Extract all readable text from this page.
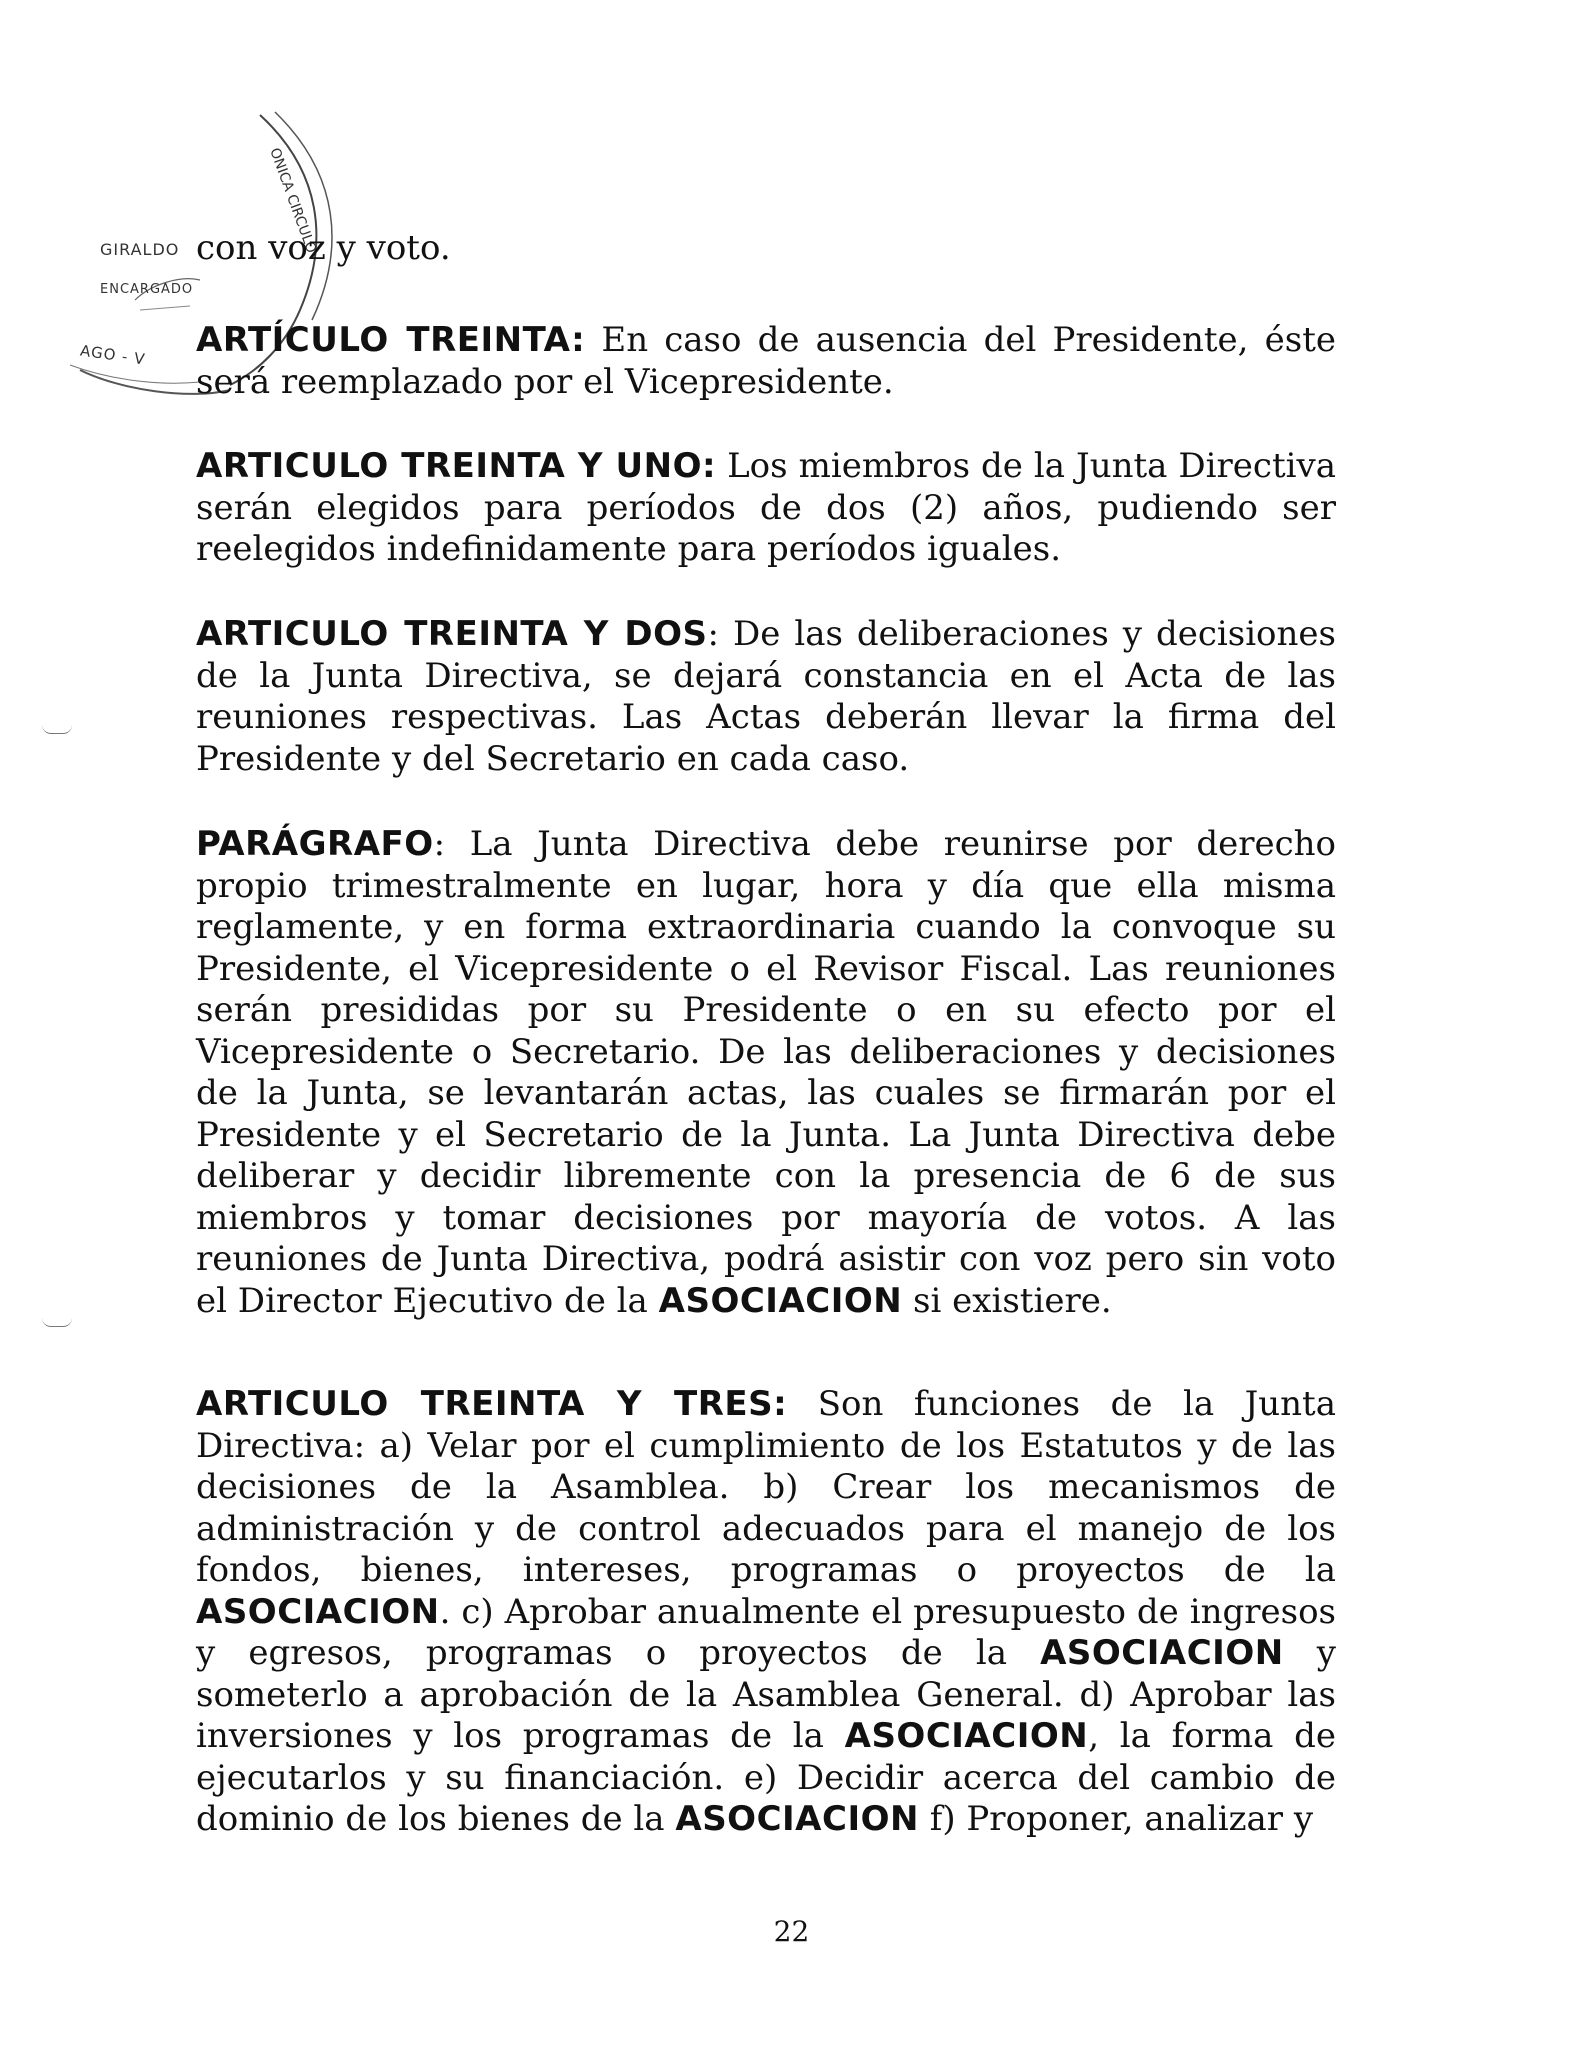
ONICA CIRCULO
GIRALDO
ENCARGADO
AGO - V

con voz y voto.

ARTÍCULO TREINTA: En caso de ausencia del Presidente, éste será reemplazado por el Vicepresidente.

ARTICULO TREINTA Y UNO: Los miembros de la Junta Directiva serán elegidos para períodos de dos (2) años, pudiendo ser reelegidos indefinidamente para períodos iguales.

ARTICULO TREINTA Y DOS: De las deliberaciones y decisiones de la Junta Directiva, se dejará constancia en el Acta de las reuniones respectivas. Las Actas deberán llevar la firma del Presidente y del Secretario en cada caso.

PARÁGRAFO: La Junta Directiva debe reunirse por derecho propio trimestralmente en lugar, hora y día que ella misma reglamente, y en forma extraordinaria cuando la convoque su Presidente, el Vicepresidente o el Revisor Fiscal. Las reuniones serán presididas por su Presidente o en su efecto por el Vicepresidente o Secretario. De las deliberaciones y decisiones de la Junta, se levantarán actas, las cuales se firmarán por el Presidente y el Secretario de la Junta. La Junta Directiva debe deliberar y decidir libremente con la presencia de 6 de sus miembros y tomar decisiones por mayoría de votos. A las reuniones de Junta Directiva, podrá asistir con voz pero sin voto el Director Ejecutivo de la ASOCIACION si existiere.

ARTICULO TREINTA Y TRES: Son funciones de la Junta Directiva: a) Velar por el cumplimiento de los Estatutos y de las decisiones de la Asamblea. b) Crear los mecanismos de administración y de control adecuados para el manejo de los fondos, bienes, intereses, programas o proyectos de la ASOCIACION. c) Aprobar anualmente el presupuesto de ingresos y egresos, programas o proyectos de la ASOCIACION y someterlo a aprobación de la Asamblea General. d) Aprobar las inversiones y los programas de la ASOCIACION, la forma de ejecutarlos y su financiación. e) Decidir acerca del cambio de dominio de los bienes de la ASOCIACION f) Proponer, analizar y

22
